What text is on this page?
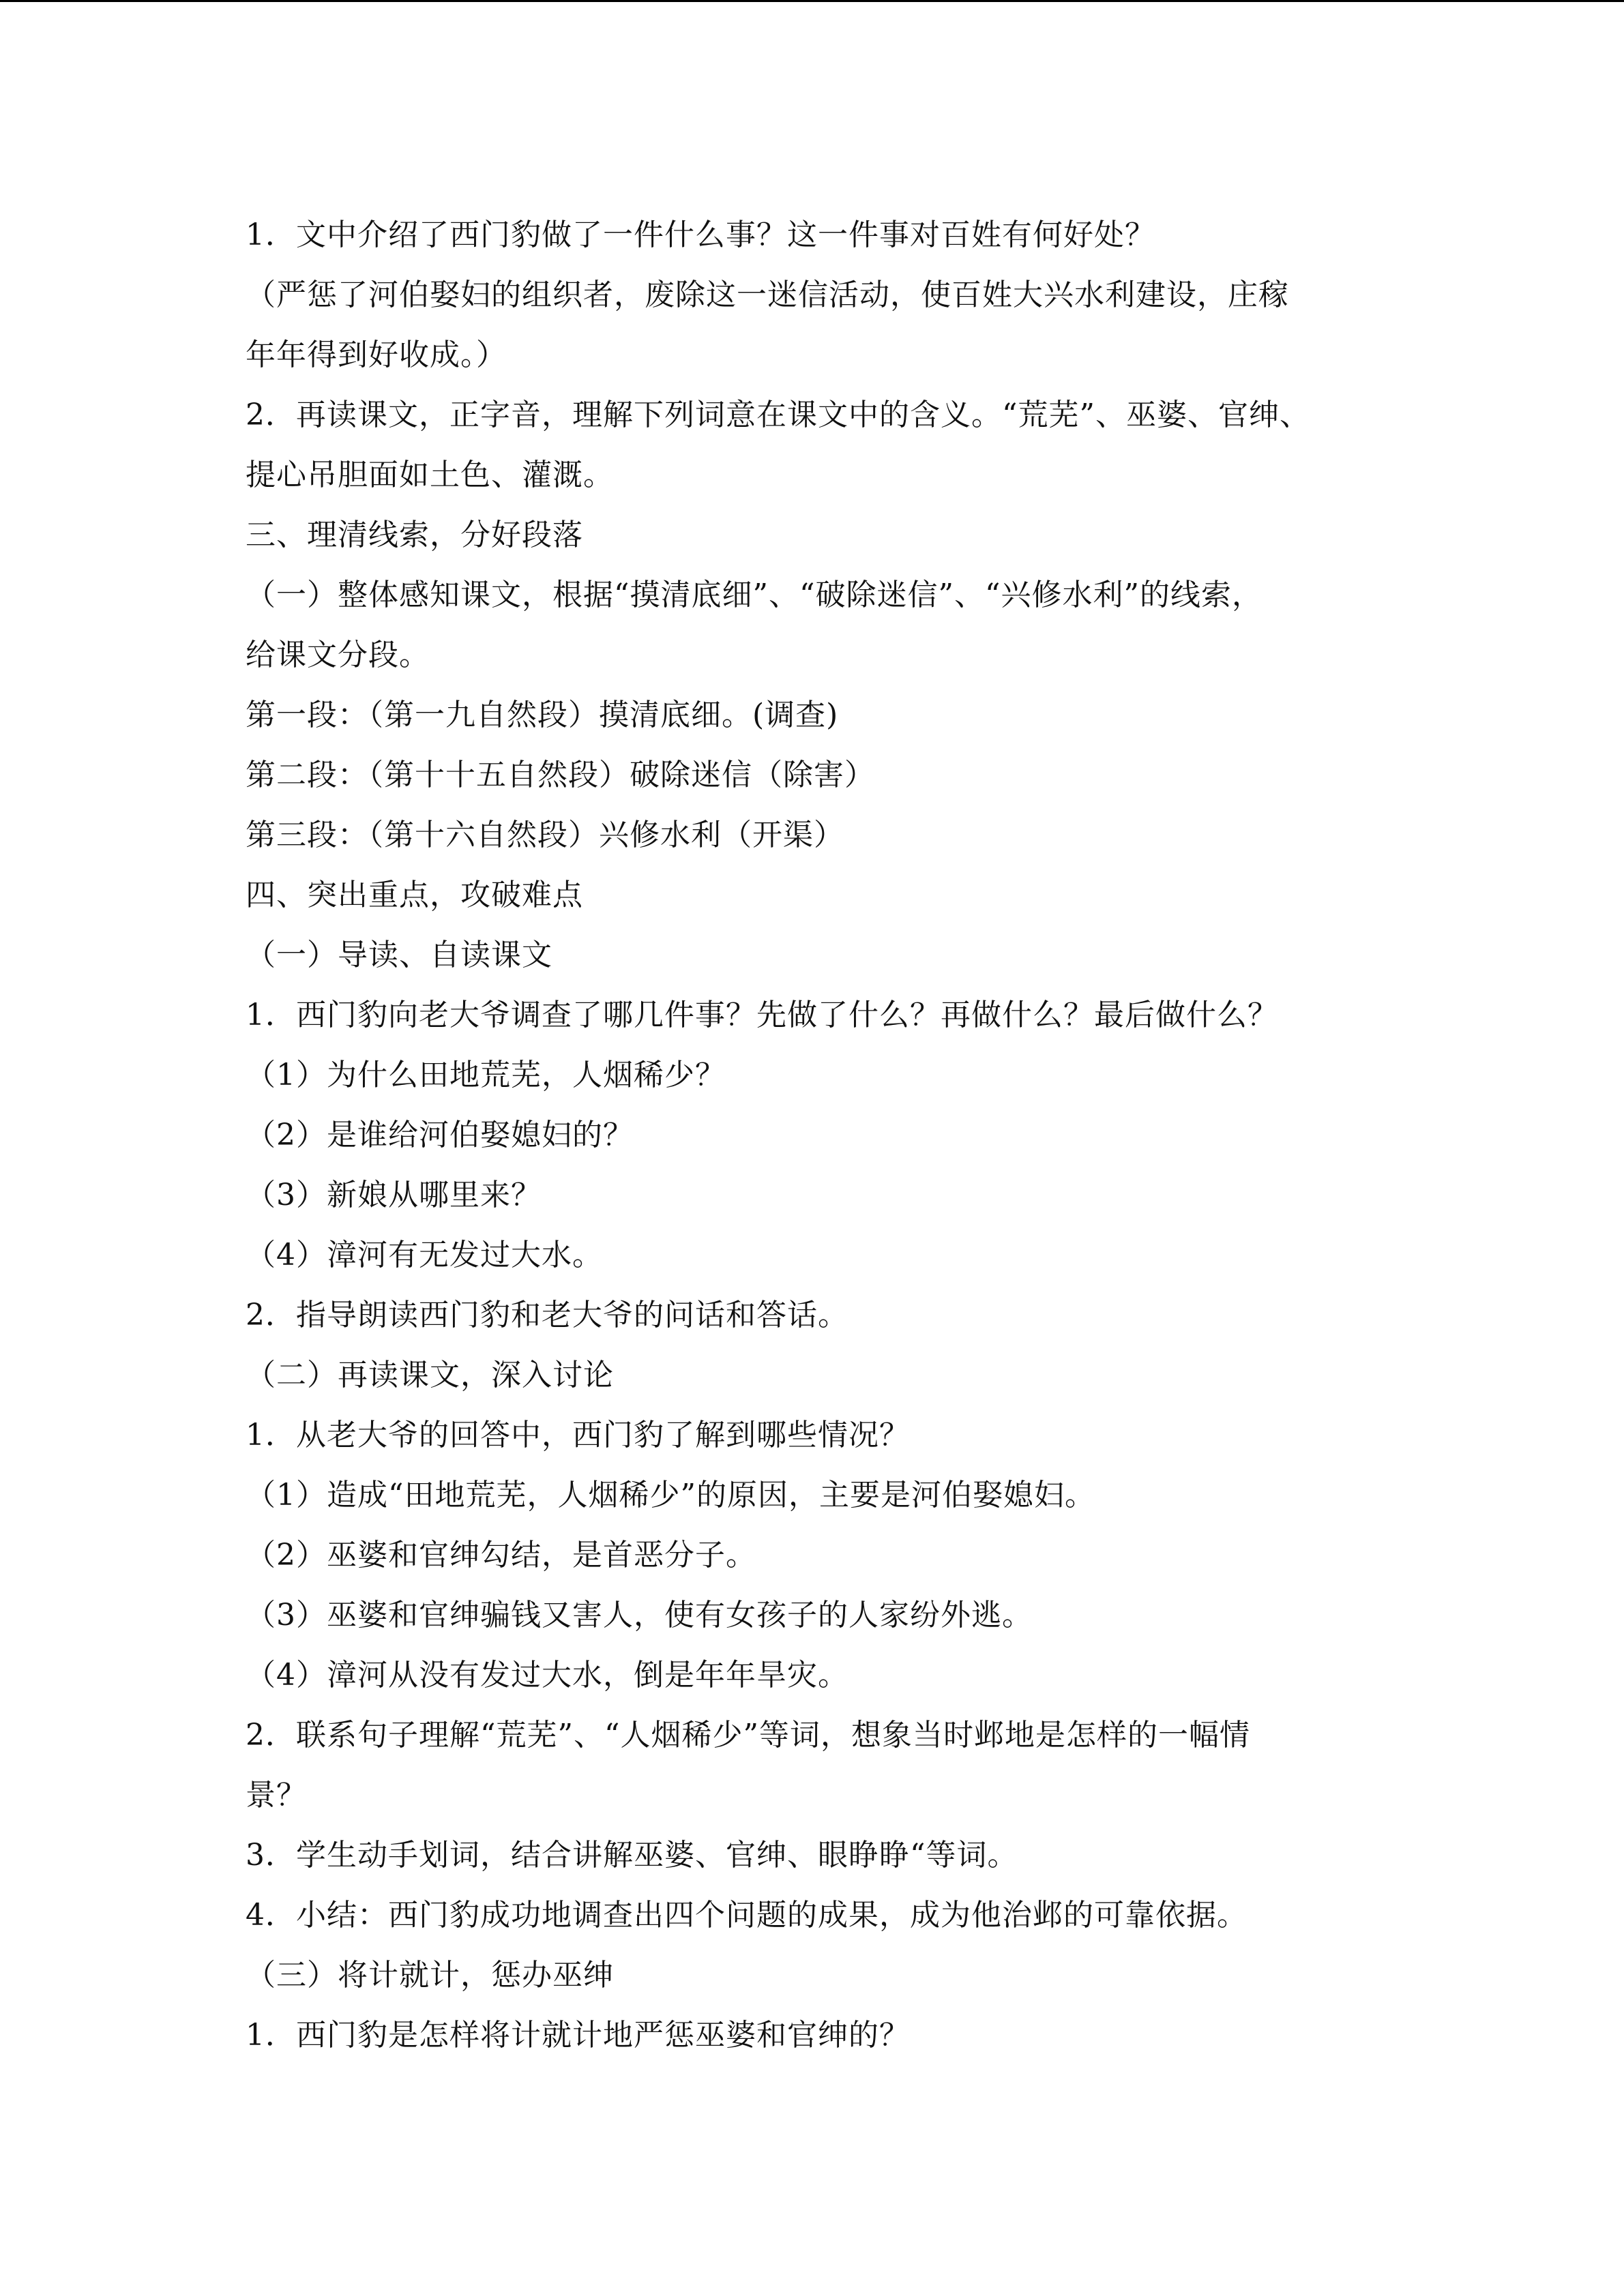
1．文中介绍了西门豹做了一件什么事？这一件事对百姓有何好处？
（严惩了河伯娶妇的组织者，废除这一迷信活动，使百姓大兴水利建设，庄稼
年年得到好收成。）
2．再读课文，正字音，理解下列词意在课文中的含义。“荒芜”、巫婆、官绅、
提心吊胆面如土色、灌溉。
三、理清线索，分好段落
（一）整体感知课文，根据“摸清底细”、“破除迷信”、“兴修水利”的线索，
给课文分段。
第一段：（第一九自然段）摸清底细。(调查)
第二段：（第十十五自然段）破除迷信（除害）
第三段：（第十六自然段）兴修水利（开渠）
四、突出重点，攻破难点
（一）导读、自读课文
1．西门豹向老大爷调查了哪几件事？先做了什么？再做什么？最后做什么？
（1）为什么田地荒芜，人烟稀少？
（2）是谁给河伯娶媳妇的？
（3）新娘从哪里来？
（4）漳河有无发过大水。
2．指导朗读西门豹和老大爷的问话和答话。
（二）再读课文，深入讨论
1．从老大爷的回答中，西门豹了解到哪些情况？
（1）造成“田地荒芜，人烟稀少”的原因，主要是河伯娶媳妇。
（2）巫婆和官绅勾结，是首恶分子。
（3）巫婆和官绅骗钱又害人，使有女孩子的人家纷外逃。
（4）漳河从没有发过大水，倒是年年旱灾。
2．联系句子理解“荒芜”、“人烟稀少”等词，想象当时邺地是怎样的一幅情
景？
3．学生动手划词，结合讲解巫婆、官绅、眼睁睁“等词。
4．小结：西门豹成功地调查出四个问题的成果，成为他治邺的可靠依据。
（三）将计就计，惩办巫绅
1．西门豹是怎样将计就计地严惩巫婆和官绅的？
